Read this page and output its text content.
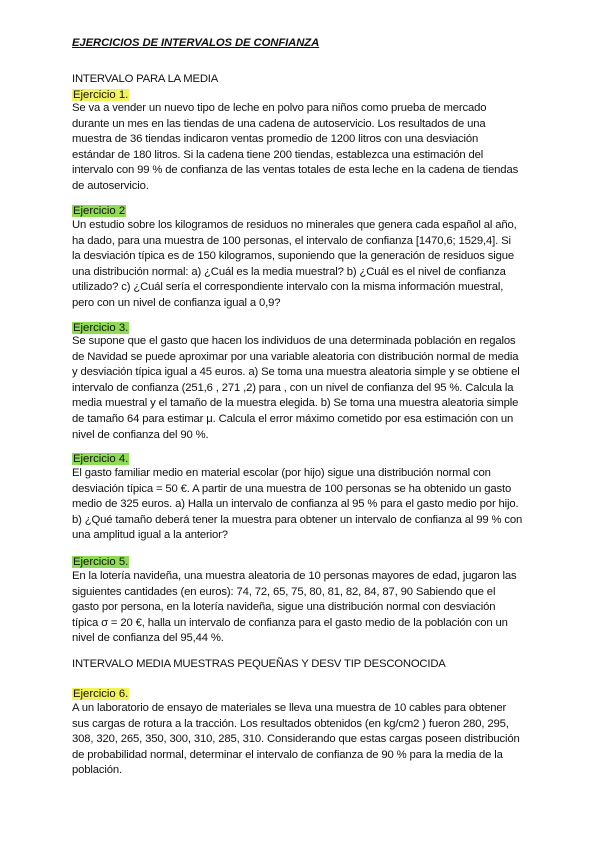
EJERCICIOS DE INTERVALOS DE CONFIANZA

INTERVALO PARA LA MEDIA

Ejercicio 1.

Se va a vender un nuevo tipo de leche en polvo para niños como prueba de mercado
durante un mes en las tiendas de una cadena de autoservicio. Los resultados de una
muestra de 36 tiendas indicaron ventas promedio de 1200 litros con una desviación
estándar de 180 litros. Si la cadena tiene 200 tiendas, establezca una estimación del
intervalo con 99 % de confianza de las ventas totales de esta leche en la cadena de tiendas
de autoservicio.

Ejercicio 2

Un estudio sobre los kilogramos de residuos no minerales que genera cada español al año,
ha dado, para una muestra de 100 personas, el intervalo de confianza [1470,6; 1529,4]. Si
la desviación típica es de 150 kilogramos, suponiendo que la generación de residuos sigue
una distribución normal: a) ¿Cuál es la media muestral? b) ¿Cuál es el nivel de confianza
utilizado? c) ¿Cuál sería el correspondiente intervalo con la misma información muestral,
pero con un nivel de confianza igual a 0,9?

Ejercicio 3.

Se supone que el gasto que hacen los individuos de una determinada población en regalos
de Navidad se puede aproximar por una variable aleatoria con distribución normal de media
y desviación típica igual a 45 euros. a) Se toma una muestra aleatoria simple y se obtiene el
intervalo de confianza (251,6 , 271 ,2) para , con un nivel de confianza del 95 %. Calcula la
media muestral y el tamaño de la muestra elegida. b) Se toma una muestra aleatoria simple
de tamaño 64 para estimar μ. Calcula el error máximo cometido por esa estimación con un
nivel de confianza del 90 %.

Ejercicio 4.

El gasto familiar medio en material escolar (por hijo) sigue una distribución normal con
desviación típica = 50 €. A partir de una muestra de 100 personas se ha obtenido un gasto
medio de 325 euros. a) Halla un intervalo de confianza al 95 % para el gasto medio por hijo.
b) ¿Qué tamaño deberá tener la muestra para obtener un intervalo de confianza al 99 % con
una amplitud igual a la anterior?

Ejercicio 5.

En la lotería navideña, una muestra aleatoria de 10 personas mayores de edad, jugaron las
siguientes cantidades (en euros): 74, 72, 65, 75, 80, 81, 82, 84, 87, 90 Sabiendo que el
gasto por persona, en la lotería navideña, sigue una distribución normal con desviación
típica σ = 20 €, halla un intervalo de confianza para el gasto medio de la población con un
nivel de confianza del 95,44 %.

INTERVALO MEDIA MUESTRAS PEQUEÑAS Y DESV TIP DESCONOCIDA

Ejercicio 6.

A un laboratorio de ensayo de materiales se lleva una muestra de 10 cables para obtener
sus cargas de rotura a la tracción. Los resultados obtenidos (en kg/cm2 ) fueron 280, 295,
308, 320, 265, 350, 300, 310, 285, 310. Considerando que estas cargas poseen distribución
de probabilidad normal, determinar el intervalo de confianza de 90 % para la media de la
población.
